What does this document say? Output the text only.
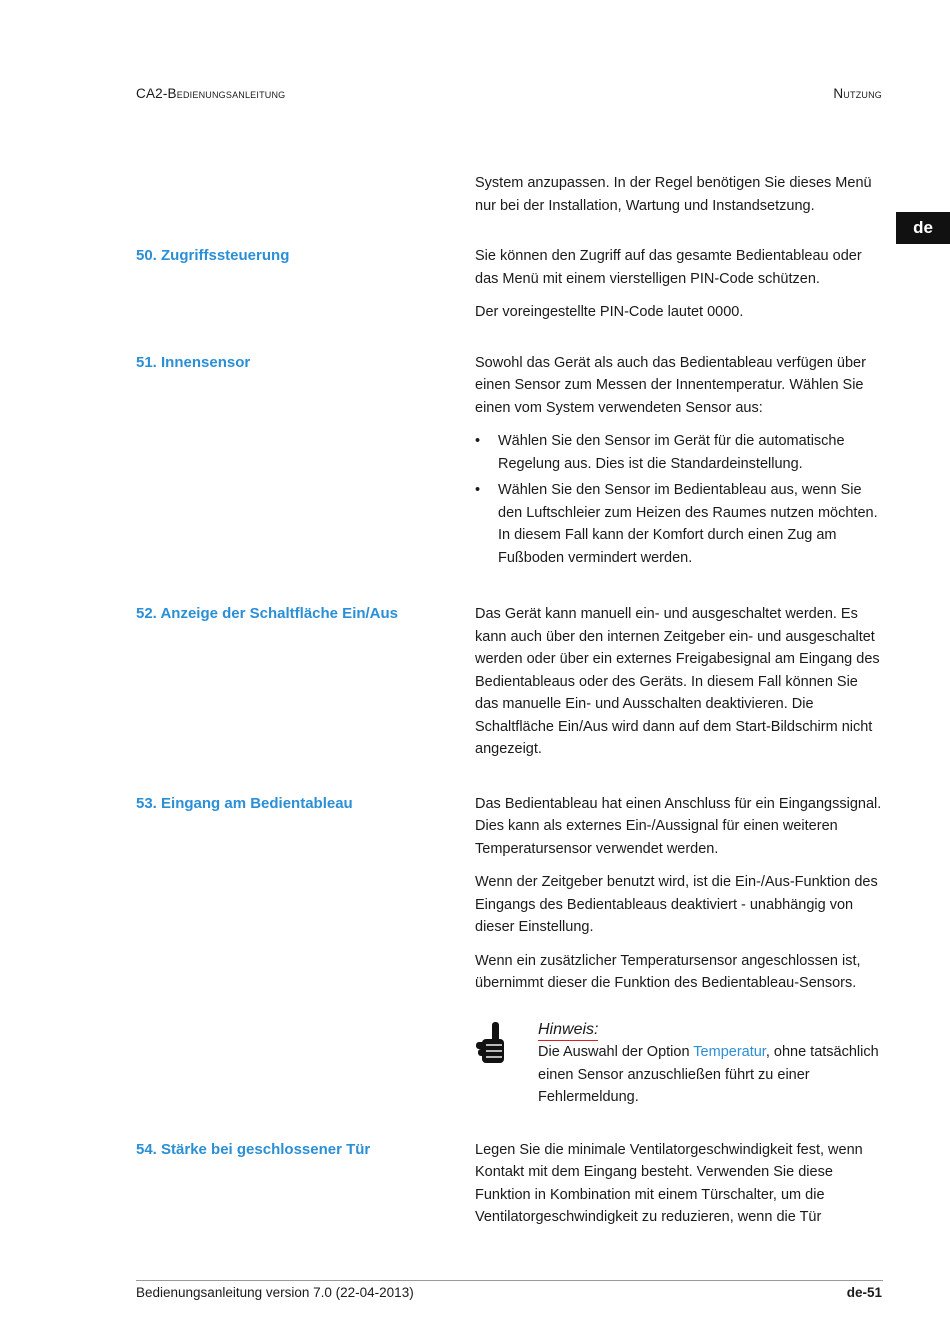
CA2-Bedienungsanleitung	Nutzung
de

System anzupassen. In der Regel benötigen Sie dieses Menü nur bei der Installation, Wartung und Instandsetzung.

50. Zugriffssteuerung	Sie können den Zugriff auf das gesamte Bedientableau oder das Menü mit einem vierstelligen PIN-Code schützen.

Der voreingestellte PIN-Code lautet 0000.

51. Innensensor	Sowohl das Gerät als auch das Bedientableau verfügen über einen Sensor zum Messen der Innentemperatur. Wählen Sie einen vom System verwendeten Sensor aus:

• Wählen Sie den Sensor im Gerät für die automatische Regelung aus. Dies ist die Standardeinstellung.
• Wählen Sie den Sensor im Bedientableau aus, wenn Sie den Luftschleier zum Heizen des Raumes nutzen möchten. In diesem Fall kann der Komfort durch einen Zug am Fußboden vermindert werden.
52. Anzeige der Schaltfläche Ein/Aus	Das Gerät kann manuell ein- und ausgeschaltet werden. Es kann auch über den internen Zeitgeber ein- und ausgeschaltet werden oder über ein externes Freigabesignal am Eingang des Bedientableaus oder des Geräts. In diesem Fall können Sie das manuelle Ein- und Ausschalten deaktivieren. Die Schaltfläche Ein/Aus wird dann auf dem Start-Bildschirm nicht angezeigt.

53. Eingang am Bedientableau	Das Bedientableau hat einen Anschluss für ein Eingangssignal. Dies kann als externes Ein-/Aussignal für einen weiteren Temperatursensor verwendet werden.

Wenn der Zeitgeber benutzt wird, ist die Ein-/Aus-Funktion des Eingangs des Bedientableaus deaktiviert - unabhängig von dieser Einstellung.

Wenn ein zusätzlicher Temperatursensor angeschlossen ist, übernimmt dieser die Funktion des Bedientableau-Sensors.

Hinweis:
Die Auswahl der Option Temperatur, ohne tatsächlich einen Sensor anzuschließen führt zu einer Fehlermeldung.
54. Stärke bei geschlossener Tür	Legen Sie die minimale Ventilatorgeschwindigkeit fest, wenn Kontakt mit dem Eingang besteht. Verwenden Sie diese Funktion in Kombination mit einem Türschalter, um die Ventilatorgeschwindigkeit zu reduzieren, wenn die Tür

Bedienungsanleitung version 7.0 (22-04-2013)	de-51
